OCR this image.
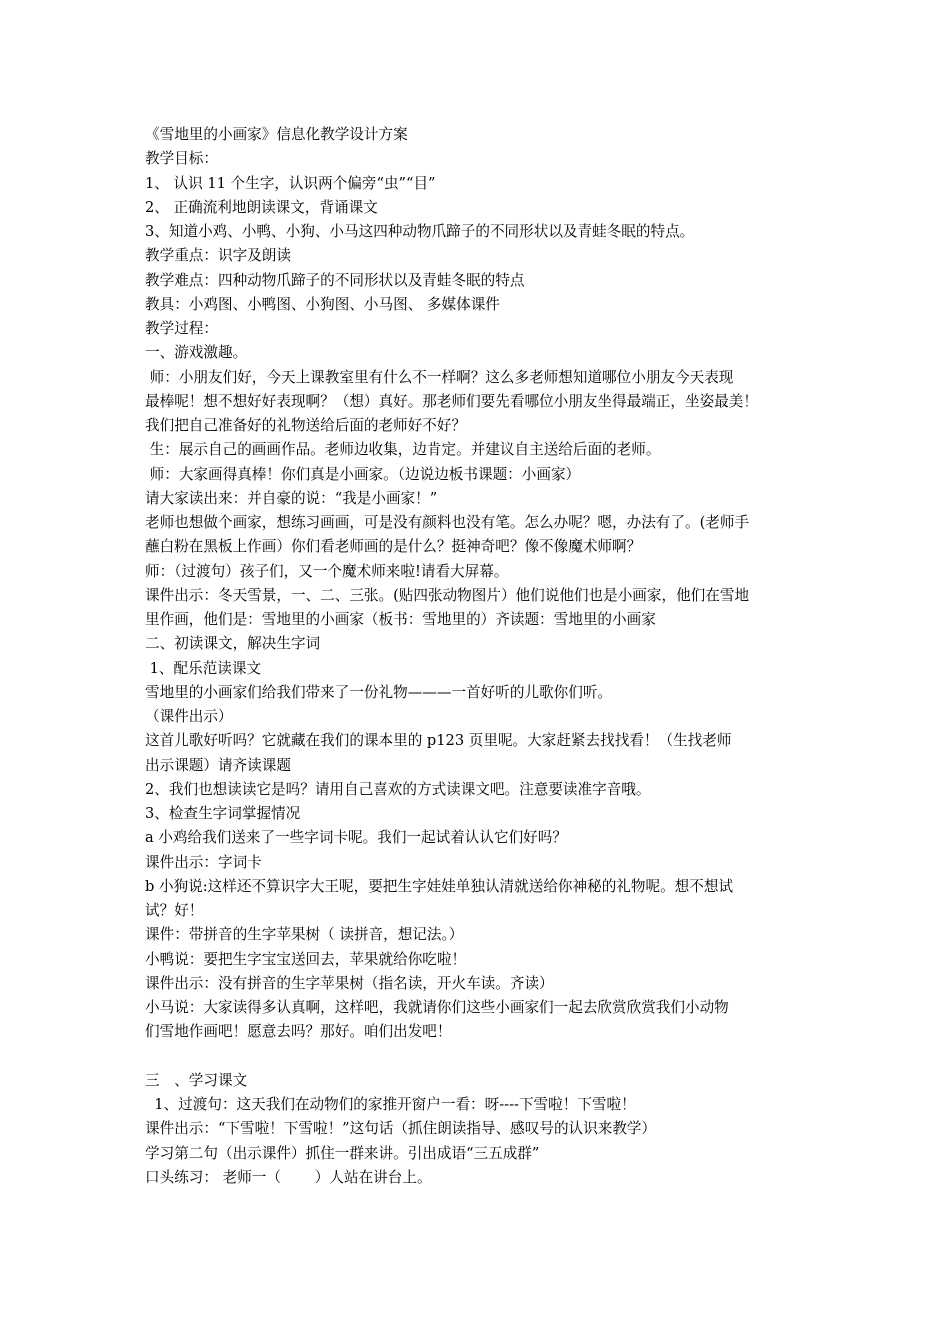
《雪地里的小画家》信息化教学设计方案
教学目标：
1、 认识 11 个生字，认识两个偏旁“虫”“目”
2、 正确流利地朗读课文，背诵课文
3、知道小鸡、小鸭、小狗、小马这四种动物爪蹄子的不同形状以及青蛙冬眠的特点。
教学重点：识字及朗读
教学难点：四种动物爪蹄子的不同形状以及青蛙冬眠的特点
教具：小鸡图、小鸭图、小狗图、小马图、 多媒体课件
教学过程：
一、游戏激趣。
师：小朋友们好，今天上课教室里有什么不一样啊？这么多老师想知道哪位小朋友今天表现
最棒呢！想不想好好表现啊？（想）真好。那老师们要先看哪位小朋友坐得最端正，坐姿最美！
我们把自己准备好的礼物送给后面的老师好不好？
生：展示自己的画画作品。老师边收集，边肯定。并建议自主送给后面的老师。
师：大家画得真棒！你们真是小画家。（边说边板书课题：小画家）
请大家读出来：并自豪的说：“我是小画家！”
老师也想做个画家，想练习画画，可是没有颜料也没有笔。怎么办呢？嗯，办法有了。(老师手
蘸白粉在黑板上作画）你们看老师画的是什么？挺神奇吧？像不像魔术师啊？
师：（过渡句）孩子们，又一个魔术师来啦!请看大屏幕。
课件出示：冬天雪景，一、二、三张。(贴四张动物图片）他们说他们也是小画家，他们在雪地
里作画，他们是：雪地里的小画家（板书：雪地里的）齐读题：雪地里的小画家
二、初读课文，解决生字词
1、配乐范读课文
雪地里的小画家们给我们带来了一份礼物———一首好听的儿歌你们听。
（课件出示）
这首儿歌好听吗？它就藏在我们的课本里的 p123 页里呢。大家赶紧去找找看！（生找老师
出示课题）请齐读课题
2、我们也想读读它是吗？请用自己喜欢的方式读课文吧。注意要读准字音哦。
3、检查生字词掌握情况
a 小鸡给我们送来了一些字词卡呢。我们一起试着认认它们好吗？
课件出示：字词卡
b 小狗说:这样还不算识字大王呢，要把生字娃娃单独认清就送给你神秘的礼物呢。想不想试
试？好！
课件：带拼音的生字苹果树（ 读拼音，想记法。）
小鸭说：要把生字宝宝送回去，苹果就给你吃啦！
课件出示：没有拼音的生字苹果树（指名读，开火车读。齐读）
小马说：大家读得多认真啊，这样吧，我就请你们这些小画家们一起去欣赏欣赏我们小动物
们雪地作画吧！愿意去吗？那好。咱们出发吧！
三　、学习课文
1、过渡句：这天我们在动物们的家推开窗户一看：呀----下雪啦！下雪啦！
课件出示：“下雪啦！下雪啦！”这句话（抓住朗读指导、感叹号的认识来教学）
学习第二句（出示课件）抓住一群来讲。引出成语“三五成群”
口头练习： 老师一（　　 ）人站在讲台上。
